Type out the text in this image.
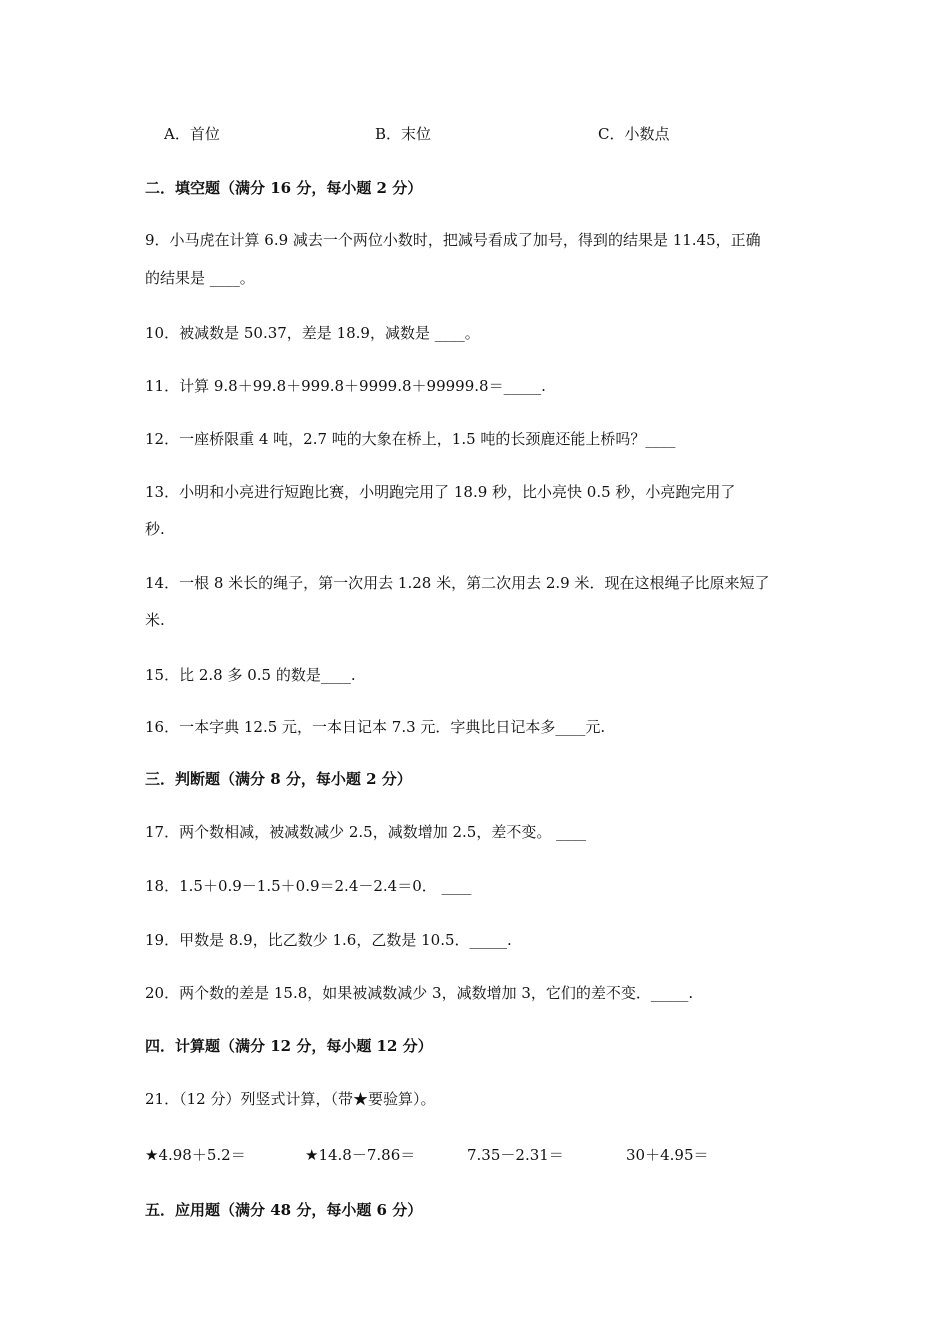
A．首位	B．末位	C．小数点
二．填空题（满分 16 分，每小题 2 分）
9．小马虎在计算 6.9 减去一个两位小数时，把减号看成了加号，得到的结果是 11.45，正确
的结果是 ____。
10．被减数是 50.37，差是 18.9，减数是 ____。
11．计算 9.8＋99.8＋999.8＋9999.8＋99999.8＝_____.
12．一座桥限重 4 吨，2.7 吨的大象在桥上，1.5 吨的长颈鹿还能上桥吗？____
13．小明和小亮进行短跑比赛，小明跑完用了 18.9 秒，比小亮快 0.5 秒，小亮跑完用了
秒.
14．一根 8 米长的绳子，第一次用去 1.28 米，第二次用去 2.9 米．现在这根绳子比原来短了
米.
15．比 2.8 多 0.5 的数是____.
16．一本字典 12.5 元，一本日记本 7.3 元．字典比日记本多____元.
三．判断题（满分 8 分，每小题 2 分）
17．两个数相减，被减数减少 2.5，减数增加 2.5，差不变。 ____
18．1.5＋0.9－1.5＋0.9＝2.4－2.4＝0． ____
19．甲数是 8.9，比乙数少 1.6，乙数是 10.5．_____.
20．两个数的差是 15.8，如果被减数减少 3，减数增加 3，它们的差不变．_____.
四．计算题（满分 12 分，每小题 12 分）
21．（12 分）列竖式计算，（带★要验算）。
★4.98＋5.2＝	★14.8－7.86＝	7.35－2.31＝	30＋4.95＝
五．应用题（满分 48 分，每小题 6 分）
